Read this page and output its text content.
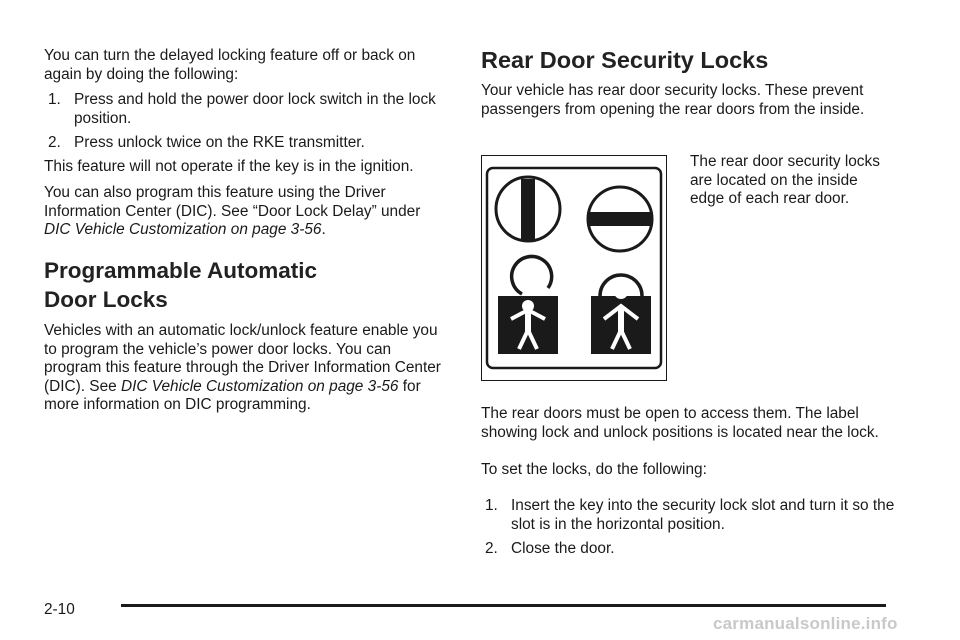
You can turn the delayed locking feature off or back on again by doing the following:

1. Press and hold the power door lock switch in the lock position.
2. Press unlock twice on the RKE transmitter.

This feature will not operate if the key is in the ignition.

You can also program this feature using the Driver Information Center (DIC). See “Door Lock Delay” under DIC Vehicle Customization on page 3-56.

Programmable Automatic
Door Locks

Vehicles with an automatic lock/unlock feature enable you to program the vehicle’s power door locks. You can program this feature through the Driver Information Center (DIC). See DIC Vehicle Customization on page 3-56 for more information on DIC programming.

Rear Door Security Locks

Your vehicle has rear door security locks. These prevent passengers from opening the rear doors from the inside.

The rear door security locks are located on the inside edge of each rear door.

The rear doors must be open to access them. The label showing lock and unlock positions is located near the lock.

To set the locks, do the following:

1. Insert the key into the security lock slot and turn it so the slot is in the horizontal position.
2. Close the door.
2-10
carmanualsonline.info
